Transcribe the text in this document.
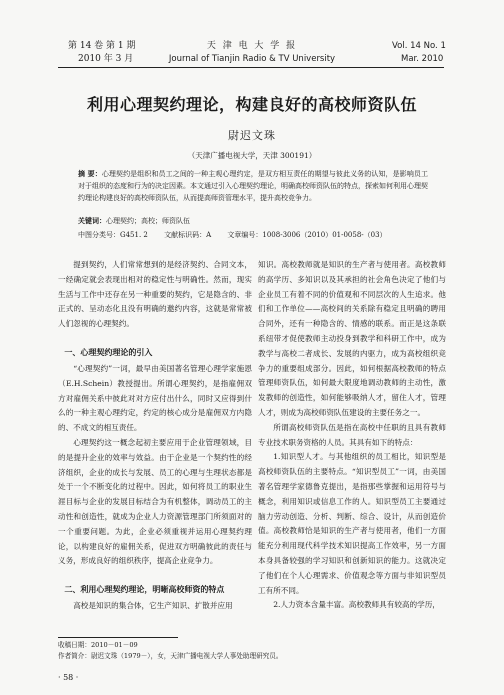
第 14 卷 第 1 期
2010 年 3 月
天 津 电 大 学 报
Journal of Tianjin Radio & TV University
Vol. 14 No. 1
Mar. 2010
利用心理契约理论，构建良好的高校师资队伍
尉迟文珠
（天津广播电视大学，天津 300191）
摘 要：心理契约是组织和员工之间的一种主观心理约定，是双方相互责任的期望与彼此义务的认知，是影响员工对于组织的态度和行为的决定因素。本文通过引入心理契约理论，明确高校师资队伍的特点，探索如何利用心理契约理论构建良好的高校师资队伍，从而提高师资管理水平，提升高校竞争力。
关键词：心理契约；高校；师资队伍
中图分类号：G451. 2 文献标识码：A 文章编号：1008-3006（2010）01-0058-（03）

提到契约，人们常常想到的是经济契约、合同文本，一经确定就会表现出相对的稳定性与明确性。然而，现实生活与工作中还存在另一种重要的契约，它是隐含的、非正式的、呈动态化且没有明确的邀约内容，这就是常常被人们忽视的心理契约。

一、心理契约理论的引入

“心理契约”一词，最早由美国著名管理心理学家施恩（E.H.Schein）教授提出。所谓心理契约，是指雇佣双方对雇佣关系中彼此对对方应付出什么，同时又应得到什么的一种主观心理约定，约定的核心成分是雇佣双方内隐的、不成文的相互责任。

心理契约这一概念起初主要应用于企业管理领域，目的是提升企业的效率与效益。由于企业是一个契约性的经济组织，企业的成长与发展、员工的心理与生理状态都是处于一个不断变化的过程中。因此，如何将员工的职业生涯目标与企业的发展目标结合为有机整体，调动员工的主动性和创造性，就成为企业人力资源管理部门所须面对的一个重要问题。为此，企业必须重视并运用心理契约理论，以构建良好的雇佣关系，促进双方明确彼此的责任与义务，形成良好的组织秩序，提高企业竞争力。

二、利用心理契约理论，明晰高校师资的特点

高校是知识的集合体，它生产知识、扩散并应用

知识。高校教师就是知识的生产者与使用者。高校教师的高学历、多知识以及其承担的社会角色决定了他们与企业员工有着不同的价值观和不同层次的人生追求。他们和工作单位——高校间的关系除有稳定且明确的聘用合同外，还有一种隐含的、情感的联系。而正是这条联系纽带才促使教师主动投身到教学和科研工作中，成为教学与高校二者成长、发展的内驱力，成为高校组织竞争力的重要组成部分。因此，如何根据高校教师的特点管理师资队伍，如何最大限度地调动教师的主动性，激发教师的创造性，如何能够吸纳人才，留住人才，管理人才，则成为高校师资队伍建设的主要任务之一。

所谓高校师资队伍是指在高校中任职的且具有教师专业技术职务资格的人员。其具有如下的特点：

1.知识型人才。与其他组织的员工相比，知识型是高校师资队伍的主要特点。“知识型员工”一词，由美国著名管理学家德鲁克提出，是指那些掌握和运用符号与概念，利用知识或信息工作的人。知识型员工主要通过脑力劳动创造、分析、判断、综合、设计，从而创造价值。高校教师恰是知识的生产者与使用者，他们一方面能充分利用现代科学技术知识提高工作效率，另一方面本身具备较强的学习知识和创新知识的能力。这就决定了他们在个人心理需求、价值观念等方面与非知识型员工有所不同。

2.人力资本含量丰富。高校教师具有较高的学历，

收稿日期：2010－01－09
作者简介：尉迟文珠（1979－），女，天津广播电视大学人事处助理研究员。
· 58 ·
